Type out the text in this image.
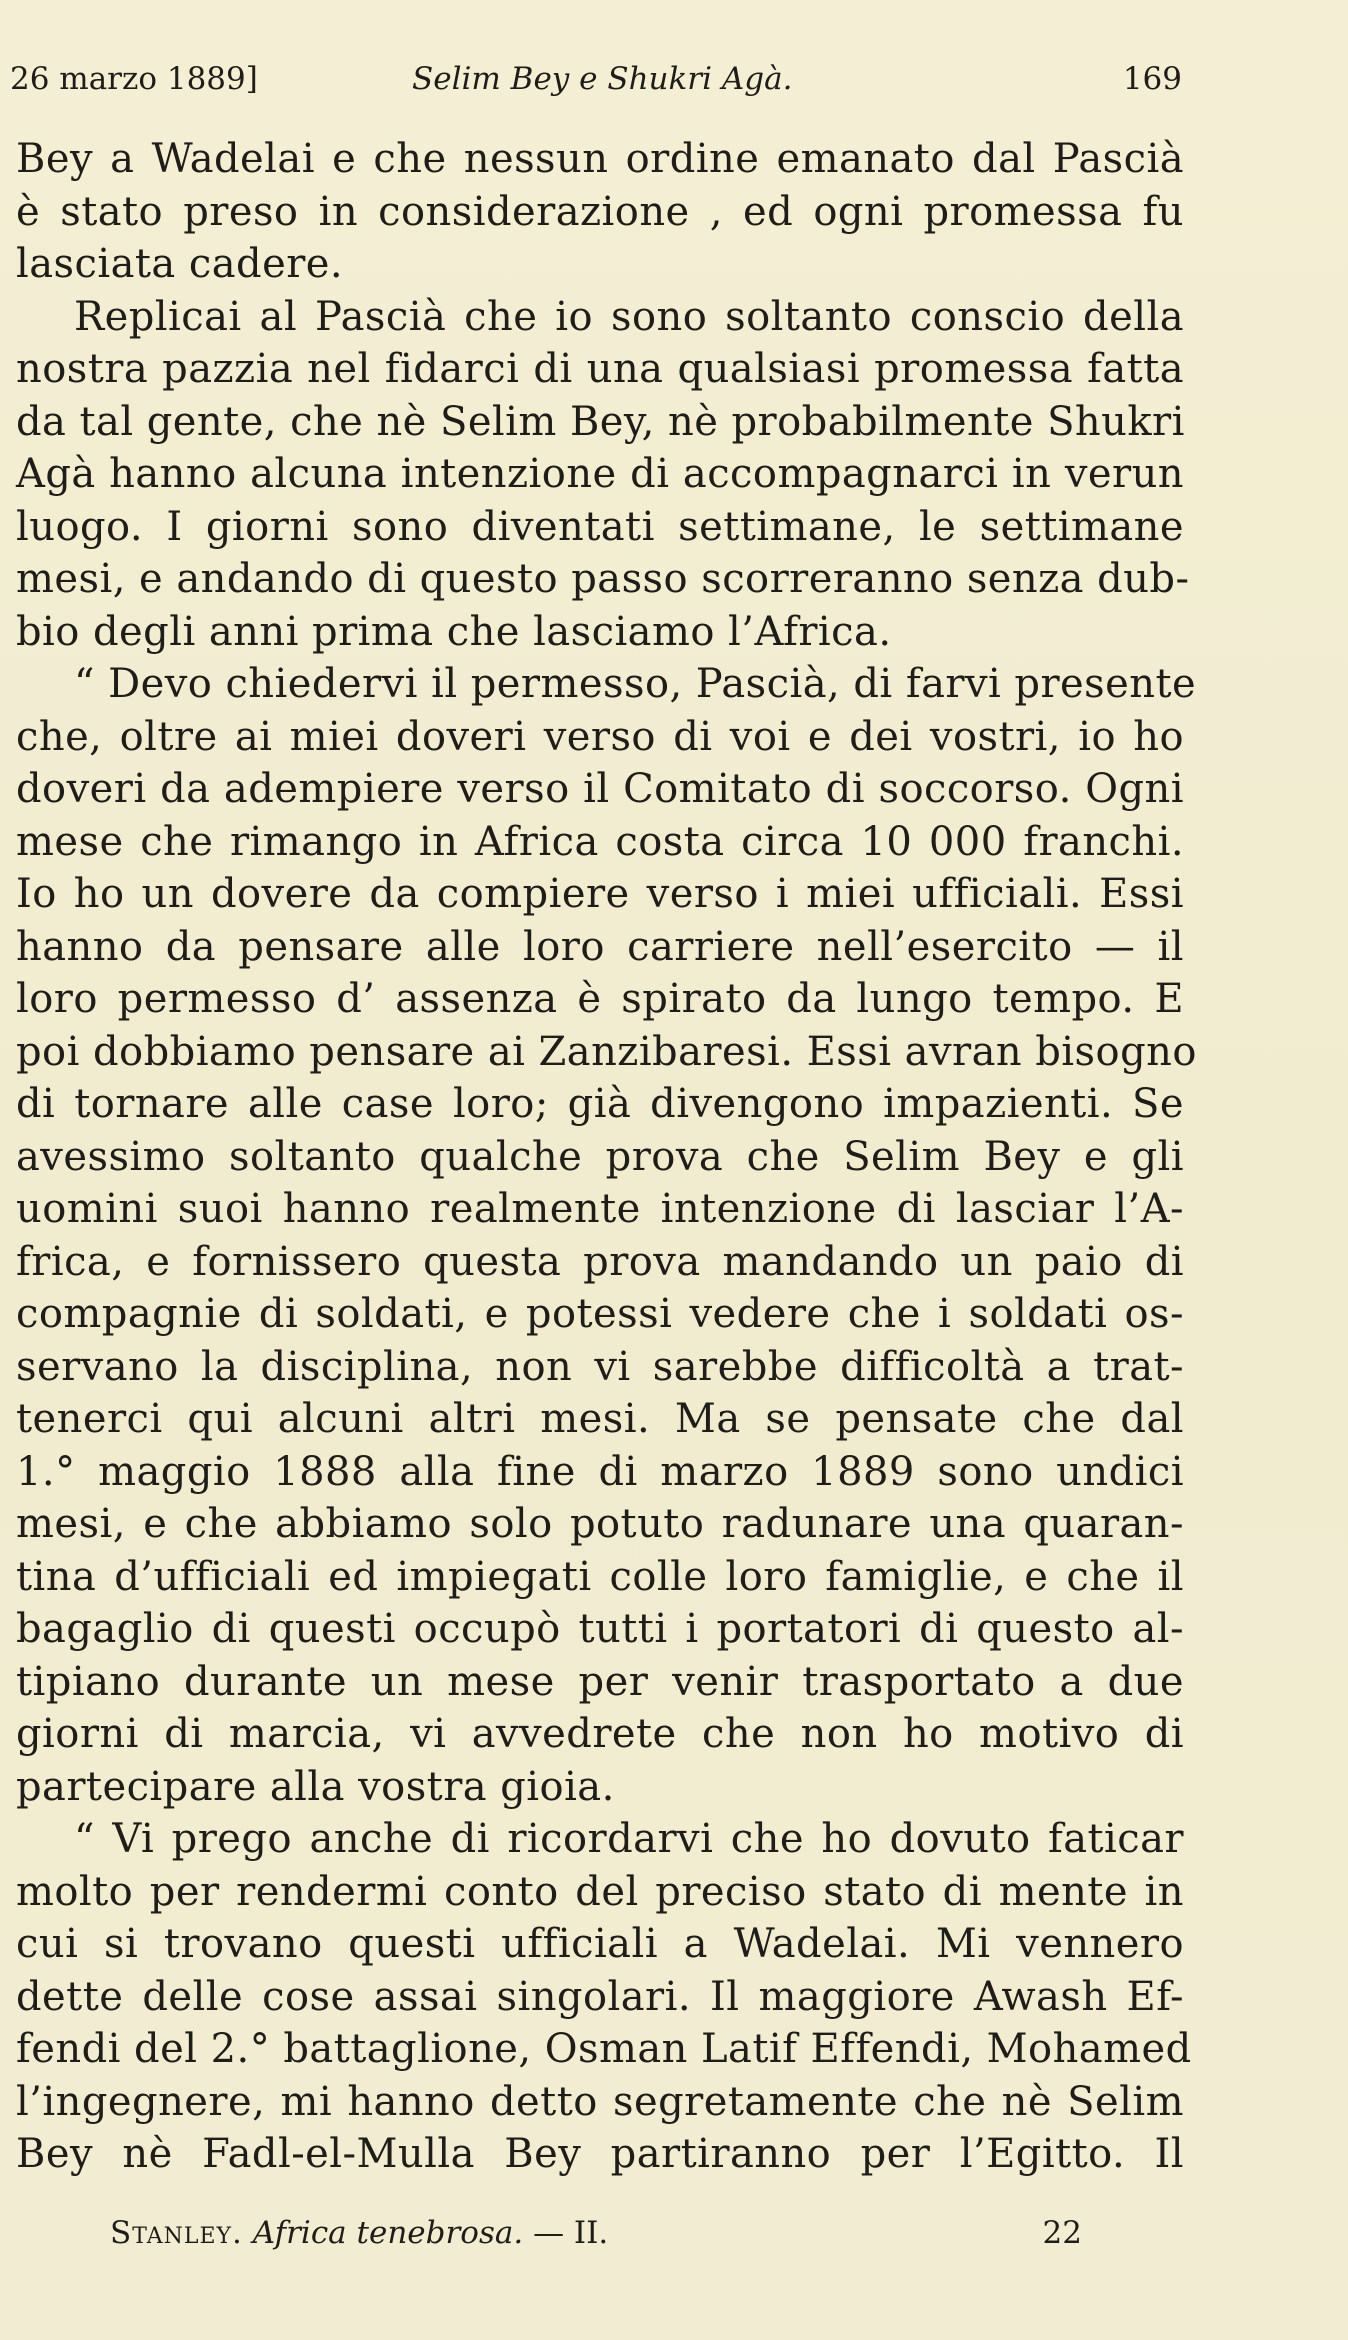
26 marzo 1889]	Selim Bey e Shukri Agà.	169
Bey a Wadelai e che nessun ordine emanato dal Pascià
è stato preso in considerazione , ed ogni promessa fu
lasciata cadere.
Replicai al Pascià che io sono soltanto conscio della
nostra pazzia nel fidarci di una qualsiasi promessa fatta
da tal gente, che nè Selim Bey, nè probabilmente Shukri
Agà hanno alcuna intenzione di accompagnarci in verun
luogo. I giorni sono diventati settimane, le settimane
mesi, e andando di questo passo scorreranno senza dub-
bio degli anni prima che lasciamo l’Africa.
“ Devo chiedervi il permesso, Pascià, di farvi presente
che, oltre ai miei doveri verso di voi e dei vostri, io ho
doveri da adempiere verso il Comitato di soccorso. Ogni
mese che rimango in Africa costa circa 10 000 franchi.
Io ho un dovere da compiere verso i miei ufficiali. Essi
hanno da pensare alle loro carriere nell’esercito — il
loro permesso d’ assenza è spirato da lungo tempo. E
poi dobbiamo pensare ai Zanzibaresi. Essi avran bisogno
di tornare alle case loro; già divengono impazienti. Se
avessimo soltanto qualche prova che Selim Bey e gli
uomini suoi hanno realmente intenzione di lasciar l’A-
frica, e fornissero questa prova mandando un paio di
compagnie di soldati, e potessi vedere che i soldati os-
servano la disciplina, non vi sarebbe difficoltà a trat-
tenerci qui alcuni altri mesi. Ma se pensate che dal
1.° maggio 1888 alla fine di marzo 1889 sono undici
mesi, e che abbiamo solo potuto radunare una quaran-
tina d’ufficiali ed impiegati colle loro famiglie, e che il
bagaglio di questi occupò tutti i portatori di questo al-
tipiano durante un mese per venir trasportato a due
giorni di marcia, vi avvedrete che non ho motivo di
partecipare alla vostra gioia.
“ Vi prego anche di ricordarvi che ho dovuto faticar
molto per rendermi conto del preciso stato di mente in
cui si trovano questi ufficiali a Wadelai. Mi vennero
dette delle cose assai singolari. Il maggiore Awash Ef-
fendi del 2.° battaglione, Osman Latif Effendi, Mohamed
l’ingegnere, mi hanno detto segretamente che nè Selim
Bey nè Fadl-el-Mulla Bey partiranno per l’Egitto. Il
Stanley. Africa tenebrosa. — II.	22
